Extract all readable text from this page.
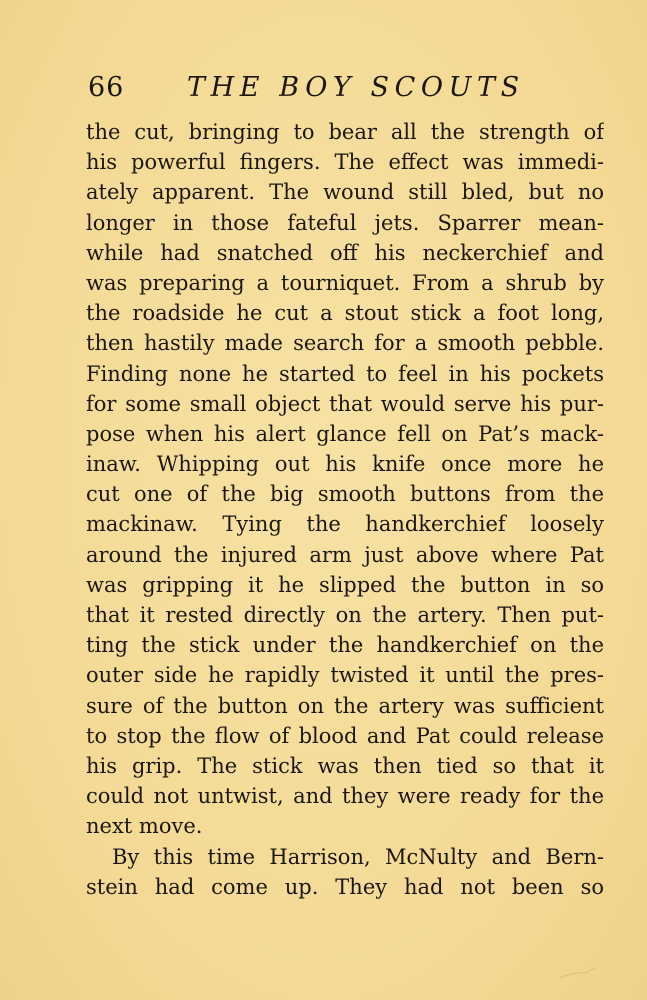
66 THE BOY SCOUTS
the cut, bringing to bear all the strength of
his powerful fingers. The effect was immedi-
ately apparent. The wound still bled, but no
longer in those fateful jets. Sparrer mean-
while had snatched off his neckerchief and
was preparing a tourniquet. From a shrub by
the roadside he cut a stout stick a foot long,
then hastily made search for a smooth pebble.
Finding none he started to feel in his pockets
for some small object that would serve his pur-
pose when his alert glance fell on Pat’s mack-
inaw. Whipping out his knife once more he
cut one of the big smooth buttons from the
mackinaw. Tying the handkerchief loosely
around the injured arm just above where Pat
was gripping it he slipped the button in so
that it rested directly on the artery. Then put-
ting the stick under the handkerchief on the
outer side he rapidly twisted it until the pres-
sure of the button on the artery was sufficient
to stop the flow of blood and Pat could release
his grip. The stick was then tied so that it
could not untwist, and they were ready for the
next move.
By this time Harrison, McNulty and Bern-
stein had come up. They had not been so
